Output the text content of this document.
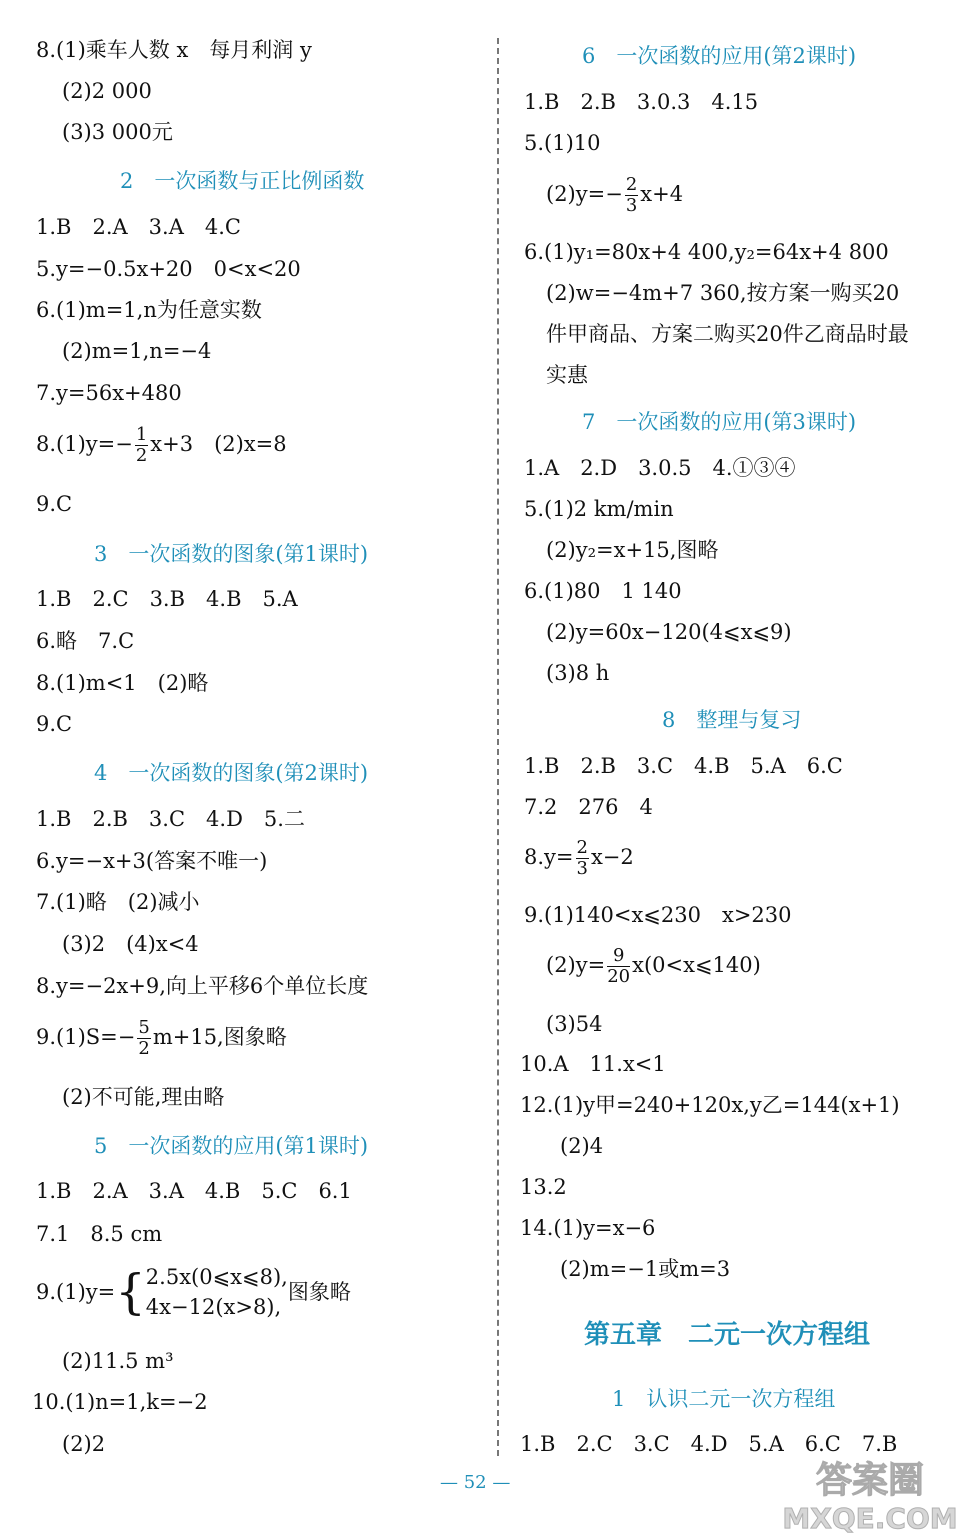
8.(1)乘车人数 x　每月利润 y
(2)2 000
(3)3 000元
2　一次函数与正比例函数
1.B　2.A　3.A　4.C
5.y=−0.5x+20　0<x<20
6.(1)m=1,n为任意实数
(2)m=1,n=−4
7.y=56x+480
$8.(1)y=- \frac{1}{2} x+3$　(2)x=8
9.C
3　一次函数的图象(第1课时)
1.B　2.C　3.B　4.B　5.A
6.略　7.C
8.(1)m<1　(2)略
9.C
4　一次函数的图象(第2课时)
1.B　2.B　3.C　4.D　5.二
6.y=−x+3(答案不唯一)
7.(1)略　(2)减小
(3)2　(4)x<4
8.y=−2x+9,向上平移6个单位长度
$9.(1)S=- \frac{5}{2} m+15$,图象略
(2)不可能,理由略
5　一次函数的应用(第1课时)
1.B　2.A　3.A　4.B　5.C　6.1
7.1　8.5 cm
9.(1)y={ 2.5x(0⩽x⩽8),
4x−12(x>8),
图象略
(2)11.5 m³
10.(1)n=1,k=−2
(2)2
6　一次函数的应用(第2课时)
1.B　2.B　3.0.3　4.15
5.(1)10
$(2)y=- \frac{2}{3} x+4$
6.(1)y₁=80x+4 400,y₂=64x+4 800
(2)w=−4m+7 360,按方案一购买20
件甲商品、方案二购买20件乙商品时最
实惠
7　一次函数的应用(第3课时)
1.A　2.D　3.0.5　4.①③④
5.(1)2 km/min
(2)y₂=x+15,图略
6.(1)80　1 140
(2)y=60x−120(4⩽x⩽9)
(3)8 h
8　整理与复习
1.B　2.B　3.C　4.B　5.A　6.C
7.2　276　4
$8.y= \frac{2}{3} x-2$
9.(1)140<x⩽230　x>230
$(2)y= \frac{9}{20}$ x(0<x⩽140)
(3)54
10.A　11.x<1
12.(1)y甲=240+120x,y乙=144(x+1)
(2)4
13.2
14.(1)y=x−6
(2)m=−1或m=3
第五章　二元一次方程组
1　认识二元一次方程组
1.B　2.C　3.C　4.D　5.A　6.C　7.B
— 52 —	答案圈
MXQE.COM
